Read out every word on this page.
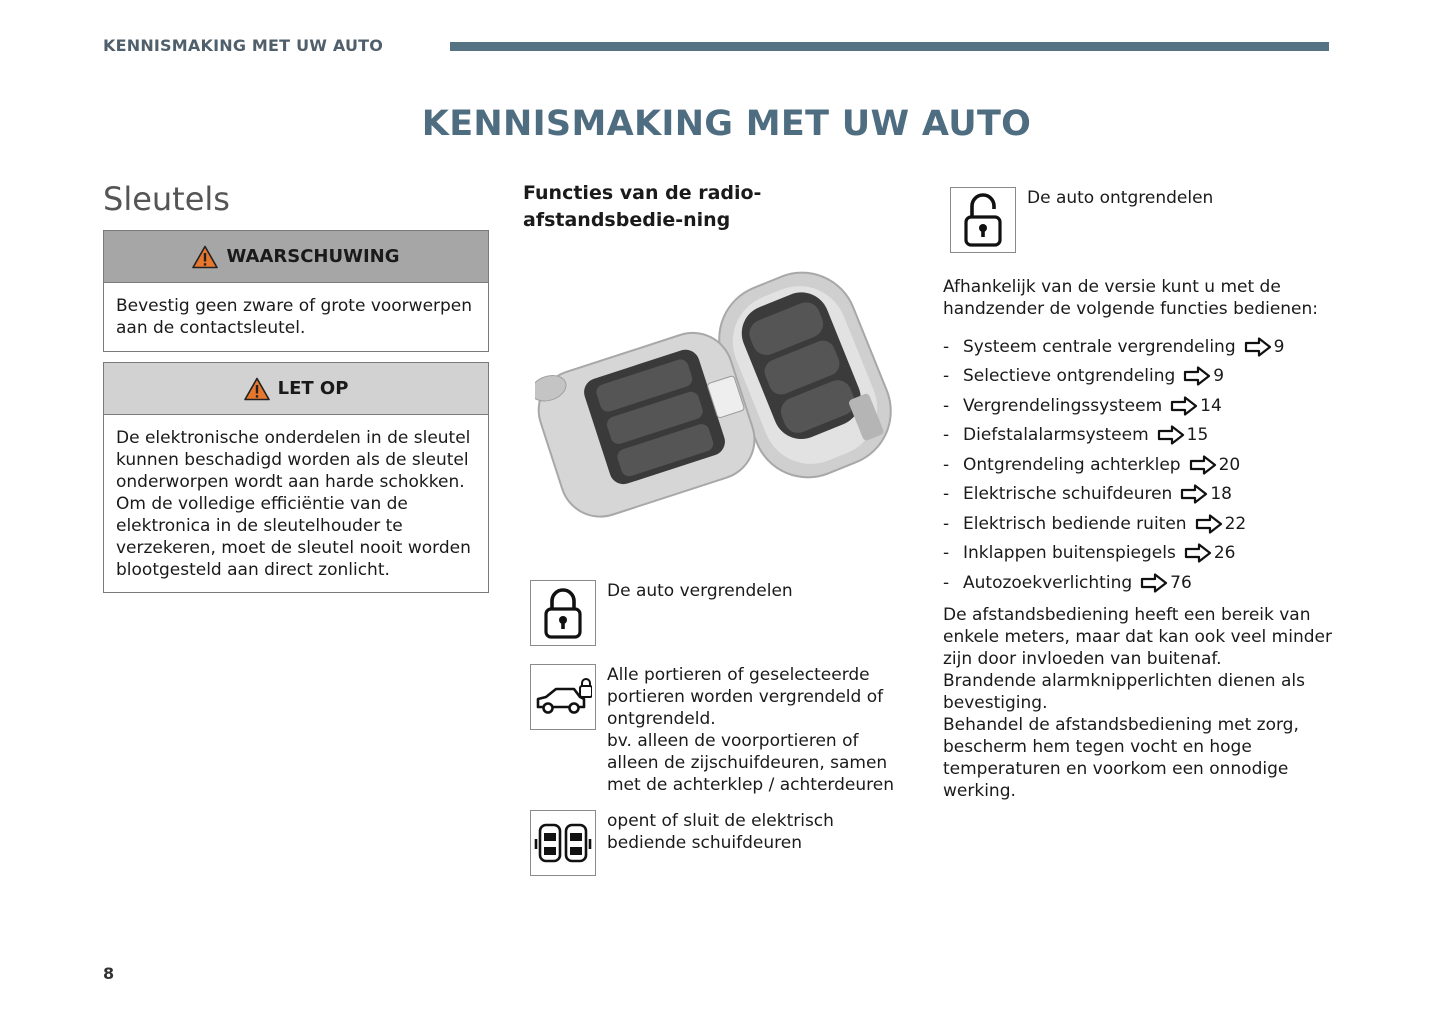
KENNISMAKING MET UW AUTO
KENNISMAKING MET UW AUTO
Sleutels
WAARSCHUWING
Bevestig geen zware of grote voorwerpen aan de contactsleutel.
LET OP
De elektronische onderdelen in de sleutel kunnen beschadigd worden als de sleutel onderworpen wordt aan harde schokken. Om de volledige efficiëntie van de elektronica in de sleutelhouder te verzekeren, moet de sleutel nooit worden blootgesteld aan direct zonlicht.
Functies van de radio-afstandsbedie-ning
De auto vergrendelen

Alle portieren of geselecteerde portieren worden vergrendeld of ontgrendeld.

bv. alleen de voorportieren of alleen de zijschuifdeuren, samen met de achterklep / achterdeuren

opent of sluit de elektrisch bediende schuifdeuren
De auto ontgrendelen
Afhankelijk van de versie kunt u met de handzender de volgende functies bedienen:
- Systeem centrale vergrendeling 9
- Selectieve ontgrendeling 9
- Vergrendelingssysteem 14
- Diefstalalarmsysteem 15
- Ontgrendeling achterklep 20
- Elektrische schuifdeuren 18
- Elektrisch bediende ruiten 22
- Inklappen buitenspiegels 26
- Autozoekverlichting 76

De afstandsbediening heeft een bereik van enkele meters, maar dat kan ook veel minder zijn door invloeden van buitenaf.

Brandende alarmknipperlichten dienen als bevestiging.

Behandel de afstandsbediening met zorg, bescherm hem tegen vocht en hoge temperaturen en voorkom een onnodige werking.

8
